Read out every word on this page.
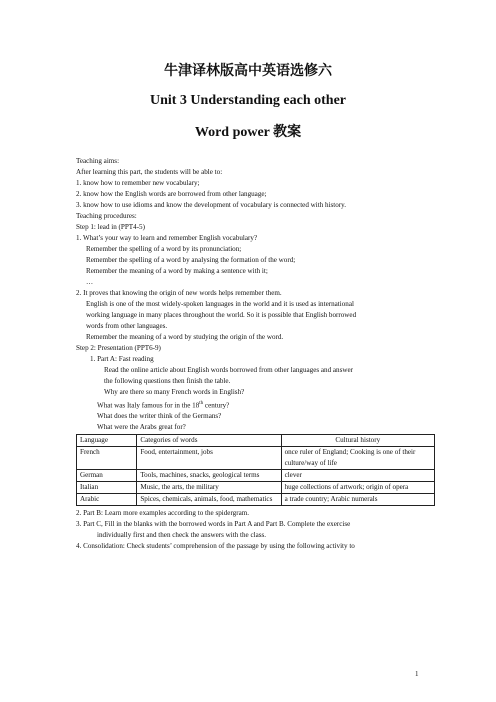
牛津译林版高中英语选修六
Unit 3 Understanding each other
Word power 教案
Teaching aims:
After learning this part, the students will be able to:
1. know how to remember new vocabulary;
2. know how the English words are borrowed from other language;
3. know how to use idioms and know the development of vocabulary is connected with history.
Teaching procedures:
Step 1: lead in (PPT4-5)
1. What’s your way to learn and remember English vocabulary?
Remember the spelling of a word by its pronunciation;
Remember the spelling of a word by analysing the formation of the word;
Remember the meaning of a word by making a sentence with it;
…
2. It proves that knowing the origin of new words helps remember them.
English is one of the most widely-spoken languages in the world and it is used as international
working language in many places throughout the world. So it is possible that English borrowed
words from other languages.
Remember the meaning of a word by studying the origin of the word.
Step 2: Presentation (PPT6-9)
1. Part A: Fast reading
Read the online article about English words borrowed from other languages and answer
the following questions then finish the table.
Why are there so many French words in English?
What was Italy famous for in the 18th century?
What does the writer think of the Germans?
What were the Arabs great for?
Language	Categories of words	Cultural history
French	Food, entertainment, jobs	once ruler of England; Cooking is one of their culture/way of life
German	Tools, machines, snacks, geological terms	clever
Italian	Music, the arts, the military	huge collections of artwork; origin of opera
Arabic	Spices, chemicals, animals, food, mathematics	a trade country; Arabic numerals
2. Part B: Learn more examples according to the spidergram.
3. Part C, Fill in the blanks with the borrowed words in Part A and Part B. Complete the exercise
individually first and then check the answers with the class.
4. Consolidation: Check students’ comprehension of the passage by using the following activity to
1
